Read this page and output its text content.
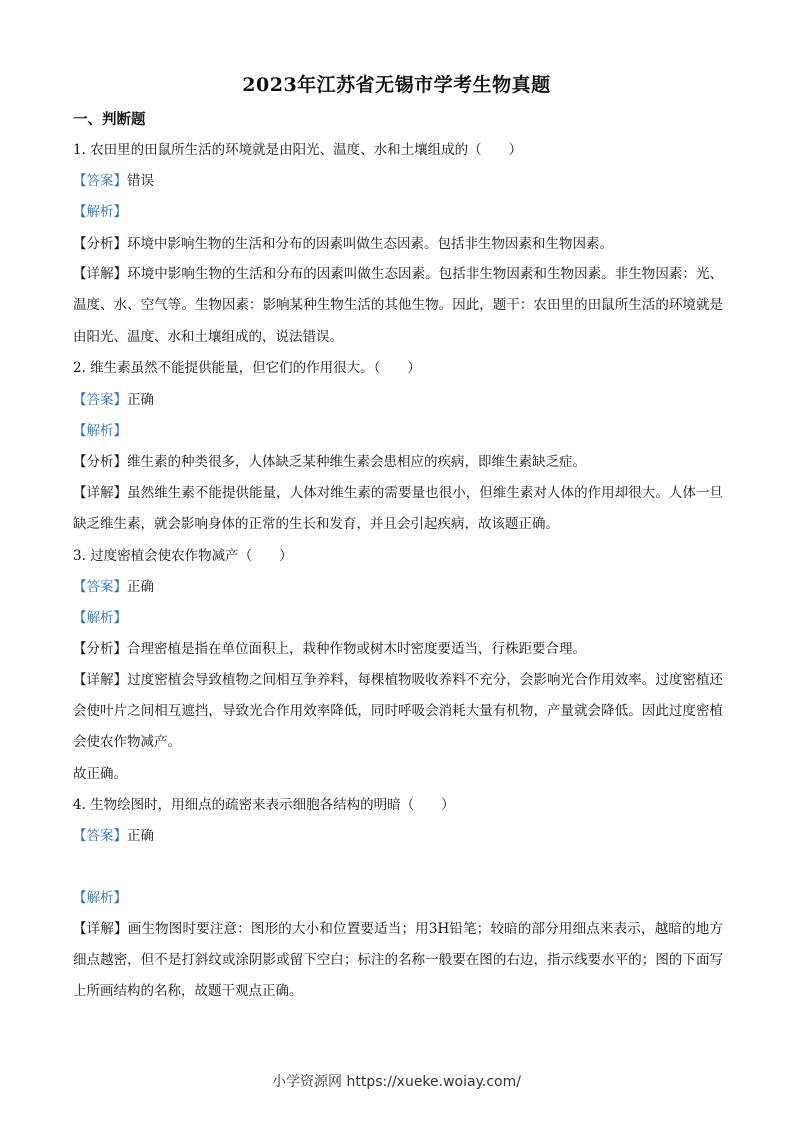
2023年江苏省无锡市学考生物真题
一、判断题
1. 农田里的田鼠所生活的环境就是由阳光、温度、水和土壤组成的（　　）
【答案】错误
【解析】
【分析】环境中影响生物的生活和分布的因素叫做生态因素。包括非生物因素和生物因素。
【详解】环境中影响生物的生活和分布的因素叫做生态因素。包括非生物因素和生物因素。非生物因素：光、温度、水、空气等。生物因素：影响某种生物生活的其他生物。因此，题干：农田里的田鼠所生活的环境就是由阳光、温度、水和土壤组成的，说法错误。
2. 维生素虽然不能提供能量，但它们的作用很大。（　　）
【答案】正确
【解析】
【分析】维生素的种类很多，人体缺乏某种维生素会患相应的疾病，即维生素缺乏症。
【详解】虽然维生素不能提供能量，人体对维生素的需要量也很小，但维生素对人体的作用却很大。人体一旦缺乏维生素，就会影响身体的正常的生长和发育，并且会引起疾病，故该题正确。
3. 过度密植会使农作物减产（　　）
【答案】正确
【解析】
【分析】合理密植是指在单位面积上，栽种作物或树木时密度要适当，行株距要合理。
【详解】过度密植会导致植物之间相互争养料，每棵植物吸收养料不充分，会影响光合作用效率。过度密植还会使叶片之间相互遮挡，导致光合作用效率降低，同时呼吸会消耗大量有机物，产量就会降低。因此过度密植会使农作物减产。
故正确。
4. 生物绘图时，用细点的疏密来表示细胞各结构的明暗（　　）
【答案】正确
【解析】
【详解】画生物图时要注意：图形的大小和位置要适当；用3H铅笔；较暗的部分用细点来表示，越暗的地方细点越密，但不是打斜纹或涂阴影或留下空白；标注的名称一般要在图的右边，指示线要水平的；图的下面写上所画结构的名称，故题干观点正确。
小学资源网 https://xueke.woiay.com/
